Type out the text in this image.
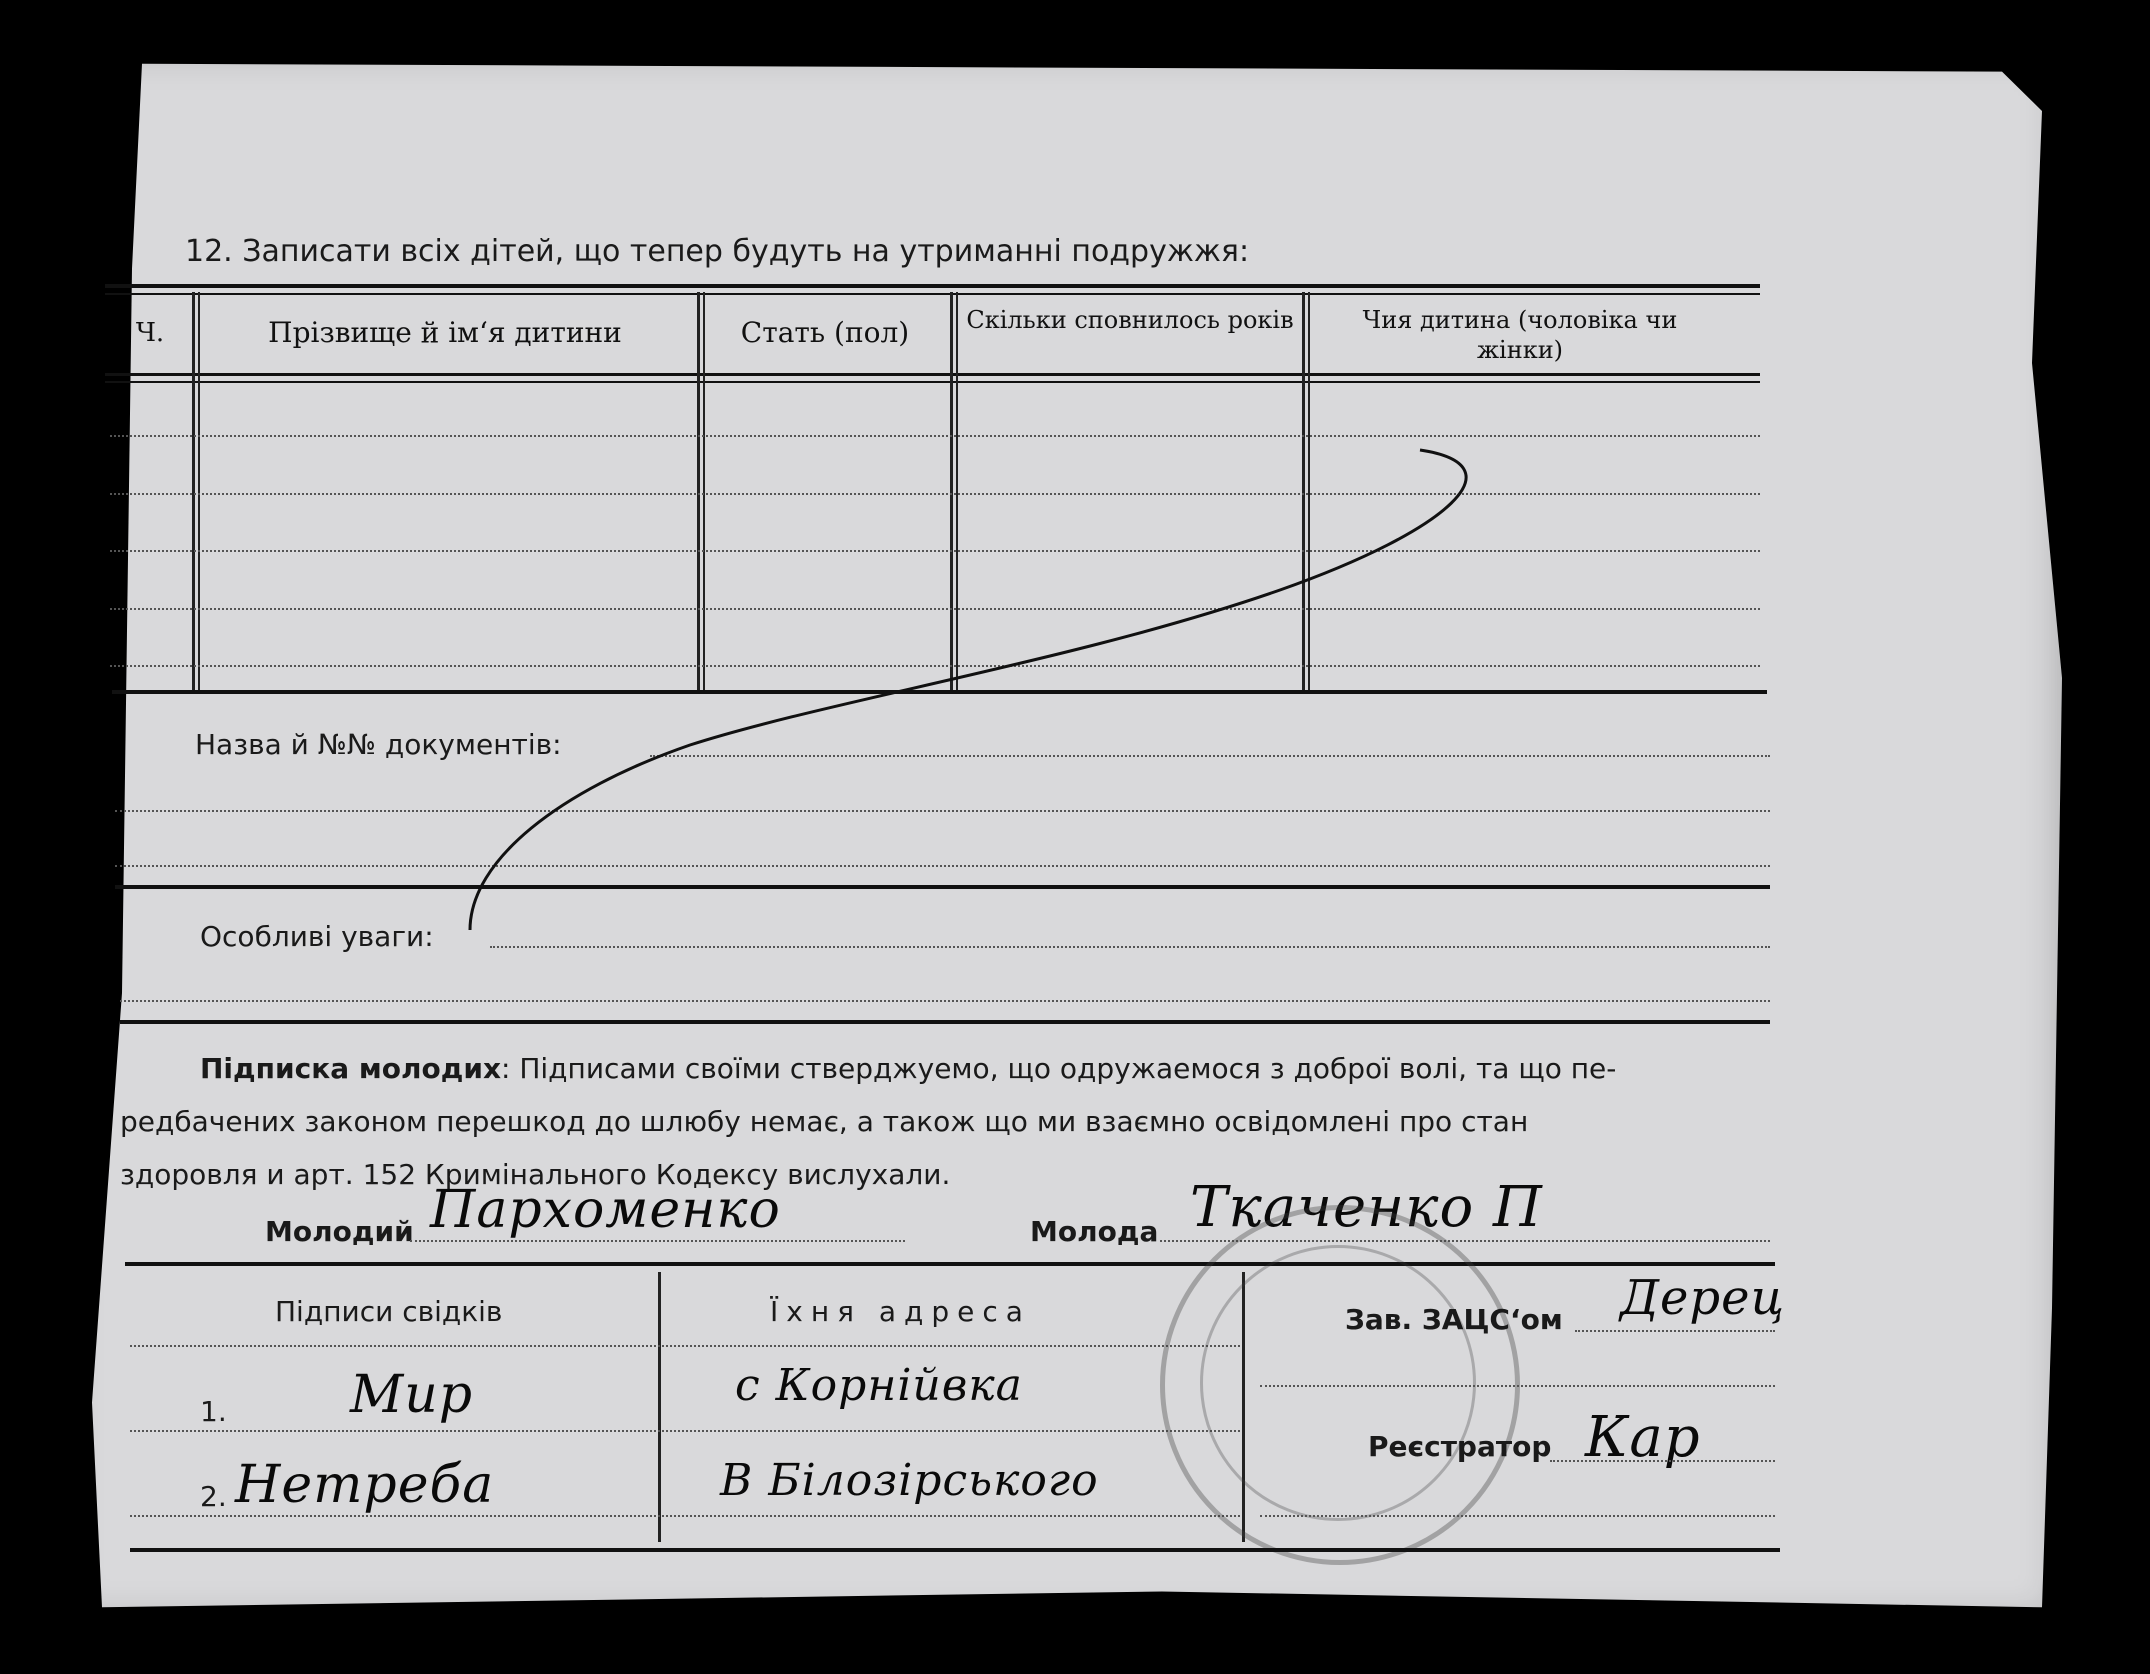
12. Записати всіх дітей, що тепер будуть на утриманні подружжя:
Ч.	Прізвище й ім‘я дитини	Стать (пол)	Скільки сповнилось років	Чия дитина (чоловіка чи жінки)
Назва й №№ документів:
Особливі уваги:
Підписка молодих: Підписами своїми стверджуемо, що одружаемося з доброї волі, та що пе-
редбачених законом перешкод до шлюбу немає, а також що ми взаємно освідомлені про стан
здоровля и арт. 152 Кримінального Кодексу вислухали.
Молодий Пархоменко	Молода Ткаченко П
Підписи свідків	Їхня адреса
1. Мир	с Корнійвка
2. Нетреба	В Білозірського
Зав. ЗАЦС‘ом Дерец
Реєстратор Кар
